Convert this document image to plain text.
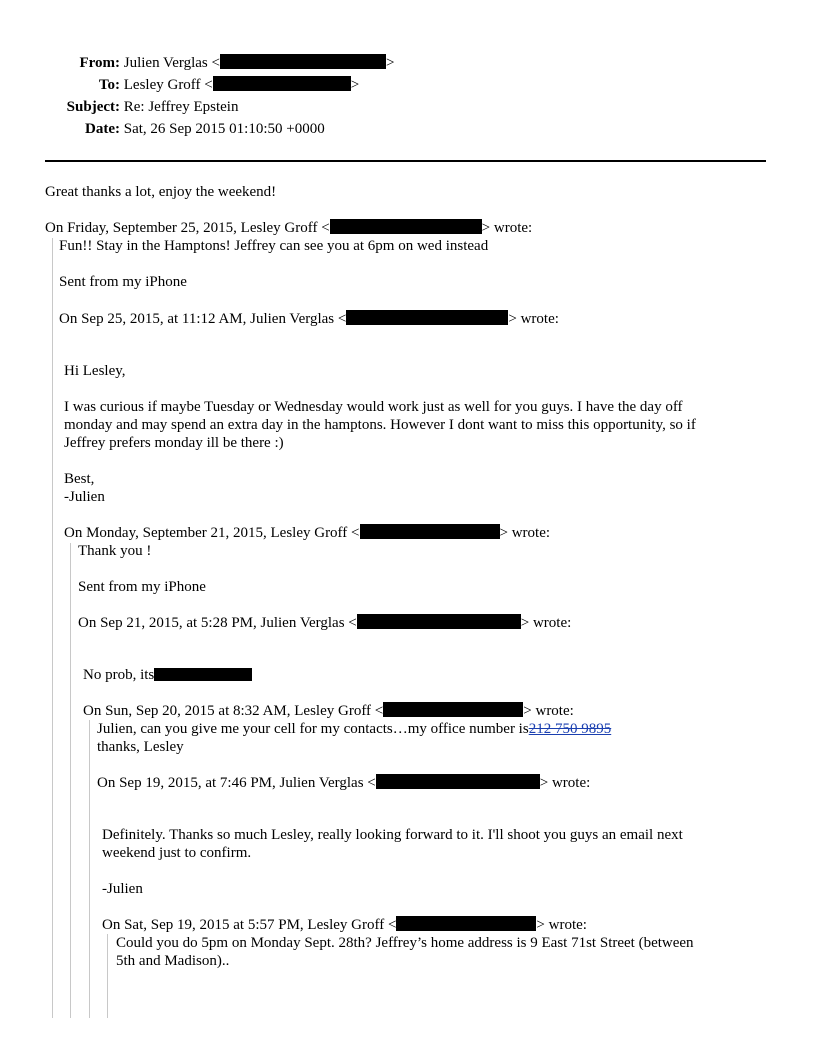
From: Julien Verglas <	>
To: Lesley Groff <	>
Subject: Re: Jeffrey Epstein
Date: Sat, 26 Sep 2015 01:10:50 +0000
Great thanks a lot, enjoy the weekend!
On Friday, September 25, 2015, Lesley Groff <	> wrote:
Fun!! Stay in the Hamptons! Jeffrey can see you at 6pm on wed instead
Sent from my iPhone
On Sep 25, 2015, at 11:12 AM, Julien Verglas <	> wrote:
Hi Lesley,
I was curious if maybe Tuesday or Wednesday would work just as well for you guys. I have the day off
monday and may spend an extra day in the hamptons. However I dont want to miss this opportunity, so if
Jeffrey prefers monday ill be there :)
Best,
-Julien
On Monday, September 21, 2015, Lesley Groff <	> wrote:
Thank you !
Sent from my iPhone
On Sep 21, 2015, at 5:28 PM, Julien Verglas <	> wrote:
No prob, its
On Sun, Sep 20, 2015 at 8:32 AM, Lesley Groff <	> wrote:
Julien, can you give me your cell for my contacts…my office number is212 750 9895
thanks, Lesley
On Sep 19, 2015, at 7:46 PM, Julien Verglas <	> wrote:
Definitely. Thanks so much Lesley, really looking forward to it. I'll shoot you guys an email next
weekend just to confirm.
-Julien
On Sat, Sep 19, 2015 at 5:57 PM, Lesley Groff <	> wrote:
Could you do 5pm on Monday Sept. 28th? Jeffrey’s home address is 9 East 71st Street (between
5th and Madison)..
